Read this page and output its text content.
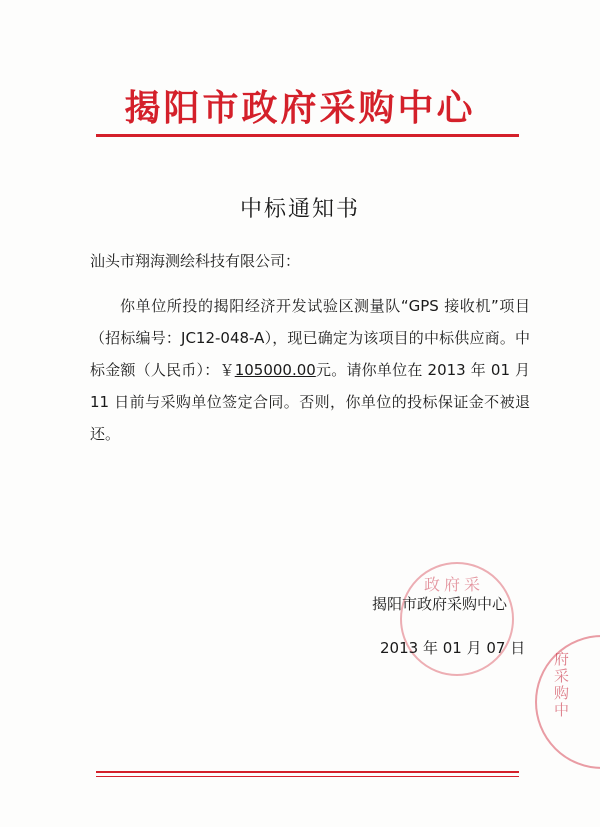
揭阳市政府采购中心
中标通知书
汕头市翔海测绘科技有限公司：
你单位所投的揭阳经济开发试验区测量队“GPS 接收机”项目（招标编号：JC12-048-A），现已确定为该项目的中标供应商。中标金额（人民币）：￥105000.00元。请你单位在 2013 年 01 月 11 日前与采购单位签定合同。否则，你单位的投标保证金不被退还。
政府采
揭阳市政府采购中心
2013 年 01 月 07 日
府采购中
